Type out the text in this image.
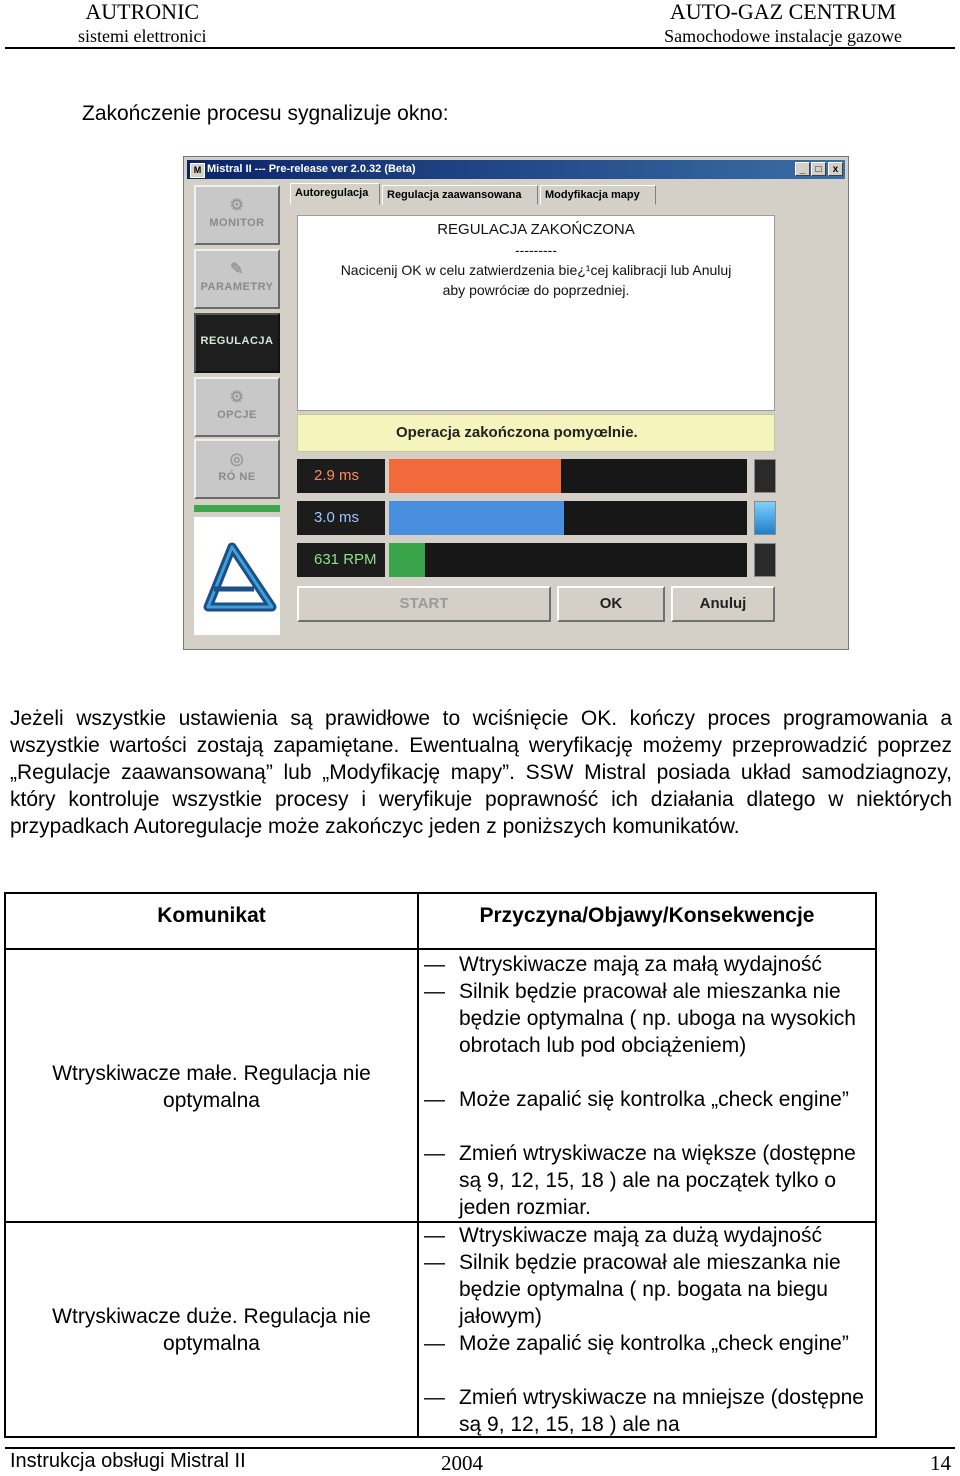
AUTRONIC
sistemi elettronici
AUTO-GAZ CENTRUM
Samochodowe instalacje gazowe
Zakończenie procesu sygnalizuje okno:
M Mistral II --- Pre-release ver 2.0.32 (Beta)	_	□	x
⚙
MONITOR
✎
PARAMETRY
REGULACJA
⚙
OPCJE
◎
RÓ NE
Autoregulacja	Regulacja zaawansowana	Modyfikacja mapy
REGULACJA ZAKOŃCZONA
---------
Nacicenij OK w celu zatwierdzenia bie¿¹cej kalibracji lub Anuluj
aby powróciæ do poprzedniej.
Operacja zakończona pomyœlnie.
2.9 ms
3.0 ms
631 RPM
START	OK	Anuluj
Jeżeli wszystkie ustawienia są prawidłowe to wciśnięcie OK. kończy proces programowania a wszystkie wartości zostają zapamiętane. Ewentualną weryfikację możemy przeprowadzić poprzez „Regulacje zaawansowaną” lub „Modyfikację mapy”. SSW Mistral posiada układ samodziagnozy, który kontroluje wszystkie procesy i weryfikuje poprawność ich działania dlatego w niektórych przypadkach Autoregulacje może zakończyc jeden z poniższych komunikatów.
Komunikat	Przyczyna/Objawy/Konsekwencje
Wtryskiwacze małe. Regulacja nie optymalna
— Wtryskiwacze mają za małą wydajność
— Silnik będzie pracował ale mieszanka nie będzie optymalna ( np. uboga na wysokich obrotach lub pod obciążeniem)
— Może zapalić się kontrolka „check engine”
— Zmień wtryskiwacze na większe (dostępne są 9, 12, 15, 18 ) ale na początek tylko o jeden rozmiar.
Wtryskiwacze duże. Regulacja nie optymalna
— Wtryskiwacze mają za dużą wydajność
— Silnik będzie pracował ale mieszanka nie będzie optymalna ( np. bogata na biegu jałowym)
— Może zapalić się kontrolka „check engine”
— Zmień wtryskiwacze na mniejsze (dostępne są 9, 12, 15, 18 ) ale na
Instrukcja obsługi Mistral II	2004	14
